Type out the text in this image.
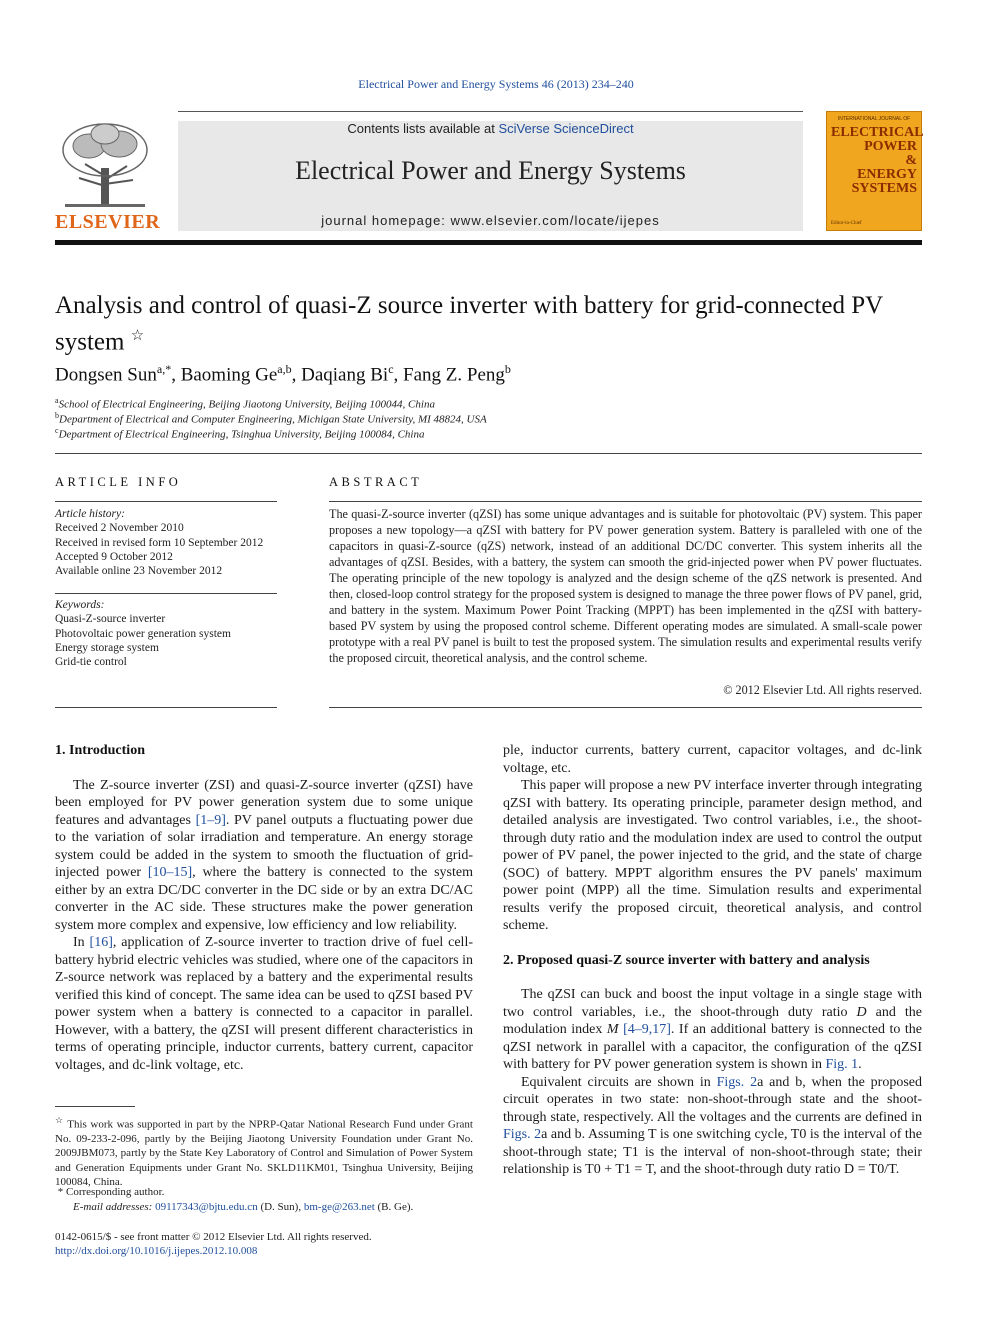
Electrical Power and Energy Systems 46 (2013) 234–240
ELSEVIER
Contents lists available at SciVerse ScienceDirect
Electrical Power and Energy Systems
journal homepage: www.elsevier.com/locate/ijepes
INTERNATIONAL JOURNAL OF
ELECTRICAL
POWER
&
ENERGY
SYSTEMS
Editor-in-Chief
Analysis and control of quasi-Z source inverter with battery for grid-connected PV system ☆
Dongsen Sun$^{a,*}$, Baoming Ge$^{a,b}$, Daqiang Bi$^c$, Fang Z. Peng$^b$
$^a$School of Electrical Engineering, Beijing Jiaotong University, Beijing 100044, China
$^b$Department of Electrical and Computer Engineering, Michigan State University, MI 48824, USA
$^c$Department of Electrical Engineering, Tsinghua University, Beijing 100084, China
ARTICLE INFO
Article history:
Received 2 November 2010
Received in revised form 10 September 2012
Accepted 9 October 2012
Available online 23 November 2012
Keywords:
Quasi-Z-source inverter
Photovoltaic power generation system
Energy storage system
Grid-tie control
ABSTRACT
The quasi-Z-source inverter (qZSI) has some unique advantages and is suitable for photovoltaic (PV) system. This paper proposes a new topology—a qZSI with battery for PV power generation system. Battery is paralleled with one of the capacitors in quasi-Z-source (qZS) network, instead of an additional DC/DC converter. This system inherits all the advantages of qZSI. Besides, with a battery, the system can smooth the grid-injected power when PV power fluctuates. The operating principle of the new topology is analyzed and the design scheme of the qZS network is presented. And then, closed-loop control strategy for the proposed system is designed to manage the three power flows of PV panel, grid, and battery in the system. Maximum Power Point Tracking (MPPT) has been implemented in the qZSI with battery-based PV system by using the proposed control scheme. Different operating modes are simulated. A small-scale power prototype with a real PV panel is built to test the proposed system. The simulation results and experimental results verify the proposed circuit, theoretical analysis, and the control scheme.
© 2012 Elsevier Ltd. All rights reserved.
1. Introduction

The Z-source inverter (ZSI) and quasi-Z-source inverter (qZSI) have been employed for PV power generation system due to some unique features and advantages [1–9]. PV panel outputs a fluctuating power due to the variation of solar irradiation and temperature. An energy storage system could be added in the system to smooth the fluctuation of grid-injected power [10–15], where the battery is connected to the system either by an extra DC/DC converter in the DC side or by an extra DC/AC converter in the AC side. These structures make the power generation system more complex and expensive, low efficiency and low reliability.

In [16], application of Z-source inverter to traction drive of fuel cell-battery hybrid electric vehicles was studied, where one of the capacitors in Z-source network was replaced by a battery and the experimental results verified this kind of concept. The same idea can be used to qZSI based PV power system when a battery is connected to a capacitor in parallel. However, with a battery, the qZSI will present different characteristics in terms of operating principle, inductor currents, battery current, capacitor voltages, and dc-link voltage, etc.

ple, inductor currents, battery current, capacitor voltages, and dc-link voltage, etc.

This paper will propose a new PV interface inverter through integrating qZSI with battery. Its operating principle, parameter design method, and detailed analysis are investigated. Two control variables, i.e., the shoot-through duty ratio and the modulation index are used to control the output power of PV panel, the power injected to the grid, and the state of charge (SOC) of battery. MPPT algorithm ensures the PV panels' maximum power point (MPP) all the time. Simulation results and experimental results verify the proposed circuit, theoretical analysis, and control scheme.

2. Proposed quasi-Z source inverter with battery and analysis

The qZSI can buck and boost the input voltage in a single stage with two control variables, i.e., the shoot-through duty ratio D and the modulation index M [4–9,17]. If an additional battery is connected to the qZSI network in parallel with a capacitor, the configuration of the qZSI with battery for PV power generation system is shown in Fig. 1.

Equivalent circuits are shown in Figs. 2a and b, when the proposed circuit operates in two state: non-shoot-through state and the shoot-through state, respectively. All the voltages and the currents are defined in Figs. 2a and b. Assuming T is one switching cycle, T0 is the interval of the shoot-through state; T1 is the interval of non-shoot-through state; their relationship is T0 + T1 = T, and the shoot-through duty ratio D = T0/T.

☆ This work was supported in part by the NPRP-Qatar National Research Fund under Grant No. 09-233-2-096, partly by the Beijing Jiaotong University Foundation under Grant No. 2009JBM073, partly by the State Key Laboratory of Control and Simulation of Power System and Generation Equipments under Grant No. SKLD11KM01, Tsinghua University, Beijing 100084, China.
* Corresponding author.
E-mail addresses: 09117343@bjtu.edu.cn (D. Sun), bm-ge@263.net (B. Ge).
0142-0615/$ - see front matter © 2012 Elsevier Ltd. All rights reserved.
http://dx.doi.org/10.1016/j.ijepes.2012.10.008
